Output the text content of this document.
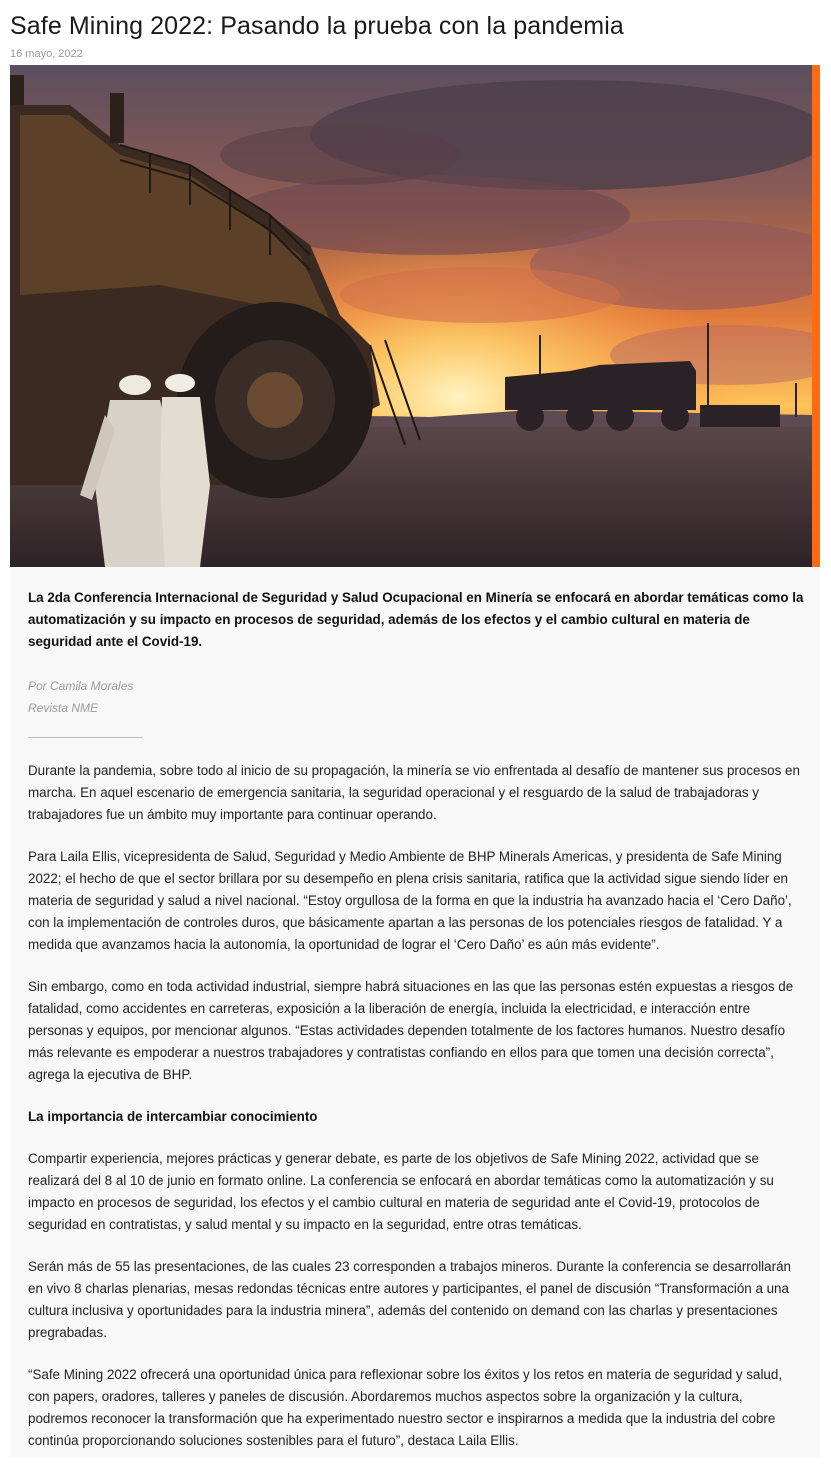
Safe Mining 2022: Pasando la prueba con la pandemia
16 mayo, 2022

La 2da Conferencia Internacional de Seguridad y Salud Ocupacional en Minería se enfocará en abordar temáticas como la automatización y su impacto en procesos de seguridad, además de los efectos y el cambio cultural en materia de seguridad ante el Covid-19.

Por Camila Morales
Revista NME

Durante la pandemia, sobre todo al inicio de su propagación, la minería se vio enfrentada al desafío de mantener sus procesos en marcha. En aquel escenario de emergencia sanitaria, la seguridad operacional y el resguardo de la salud de trabajadoras y trabajadores fue un ámbito muy importante para continuar operando.

Para Laila Ellis, vicepresidenta de Salud, Seguridad y Medio Ambiente de BHP Minerals Americas, y presidenta de Safe Mining 2022; el hecho de que el sector brillara por su desempeño en plena crisis sanitaria, ratifica que la actividad sigue siendo líder en materia de seguridad y salud a nivel nacional. “Estoy orgullosa de la forma en que la industria ha avanzado hacia el ‘Cero Daño’, con la implementación de controles duros, que básicamente apartan a las personas de los potenciales riesgos de fatalidad. Y a medida que avanzamos hacia la autonomía, la oportunidad de lograr el ‘Cero Daño’ es aún más evidente”.

Sin embargo, como en toda actividad industrial, siempre habrá situaciones en las que las personas estén expuestas a riesgos de fatalidad, como accidentes en carreteras, exposición a la liberación de energía, incluida la electricidad, e interacción entre personas y equipos, por mencionar algunos. “Estas actividades dependen totalmente de los factores humanos. Nuestro desafío más relevante es empoderar a nuestros trabajadores y contratistas confiando en ellos para que tomen una decisión correcta”, agrega la ejecutiva de BHP.

La importancia de intercambiar conocimiento

Compartir experiencia, mejores prácticas y generar debate, es parte de los objetivos de Safe Mining 2022, actividad que se realizará del 8 al 10 de junio en formato online. La conferencia se enfocará en abordar temáticas como la automatización y su impacto en procesos de seguridad, los efectos y el cambio cultural en materia de seguridad ante el Covid-19, protocolos de seguridad en contratistas, y salud mental y su impacto en la seguridad, entre otras temáticas.

Serán más de 55 las presentaciones, de las cuales 23 corresponden a trabajos mineros. Durante la conferencia se desarrollarán en vivo 8 charlas plenarias, mesas redondas técnicas entre autores y participantes, el panel de discusión “Transformación a una cultura inclusiva y oportunidades para la industria minera”, además del contenido on demand con las charlas y presentaciones pregrabadas.

“Safe Mining 2022 ofrecerá una oportunidad única para reflexionar sobre los éxitos y los retos en materia de seguridad y salud, con papers, oradores, talleres y paneles de discusión. Abordaremos muchos aspectos sobre la organización y la cultura, podremos reconocer la transformación que ha experimentado nuestro sector e inspirarnos a medida que la industria del cobre continúa proporcionando soluciones sostenibles para el futuro”, destaca Laila Ellis.
